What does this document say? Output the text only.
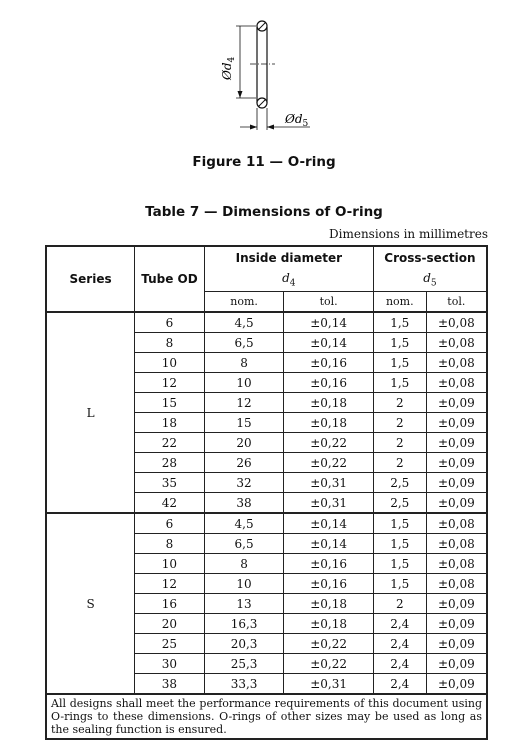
$Ød_4$
$Ød_5$
Figure 11 — O-ring
Table 7 — Dimensions of O-ring
Dimensions in millimetres
Series	Tube OD	Inside diameter		Cross-section	
		$d_4$		$d_5$
		nom.	tol.	nom.	tol.
L	6	4,5	±0,14	1,5	±0,08
	8	6,5	±0,14	1,5	±0,08
	10	8	±0,16	1,5	±0,08
	12	10	±0,16	1,5	±0,08
	15	12	±0,18	2	±0,09
	18	15	±0,18	2	±0,09
	22	20	±0,22	2	±0,09
	28	26	±0,22	2	±0,09
	35	32	±0,31	2,5	±0,09
	42	38	±0,31	2,5	±0,09
S	6	4,5	±0,14	1,5	±0,08
	8	6,5	±0,14	1,5	±0,08
	10	8	±0,16	1,5	±0,08
	12	10	±0,16	1,5	±0,08
	16	13	±0,18	2	±0,09
	20	16,3	±0,18	2,4	±0,09
	25	20,3	±0,22	2,4	±0,09
	30	25,3	±0,22	2,4	±0,09
	38	33,3	±0,31	2,4	±0,09
All designs shall meet the performance requirements of this document using O-rings to these dimensions. O-rings of other sizes may be used as long as the sealing function is ensured.					
